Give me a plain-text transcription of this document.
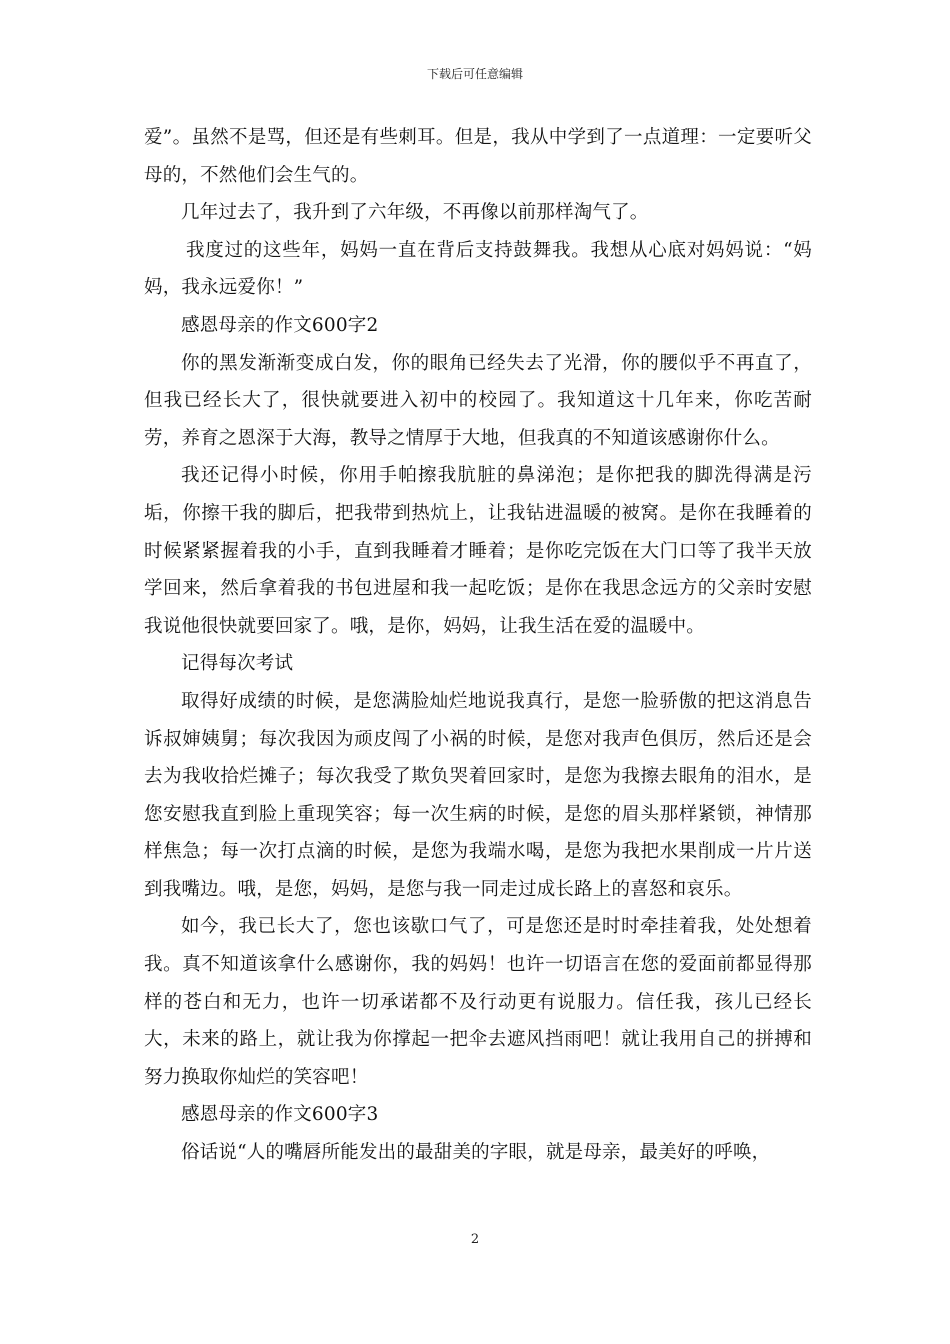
下载后可任意编辑

爱”。虽然不是骂，但还是有些刺耳。但是，我从中学到了一点道理：一定要听父母的，不然他们会生气的。

几年过去了，我升到了六年级，不再像以前那样淘气了。

我度过的这些年，妈妈一直在背后支持鼓舞我。我想从心底对妈妈说：“妈妈，我永远爱你！”

感恩母亲的作文600字2

你的黑发渐渐变成白发，你的眼角已经失去了光滑，你的腰似乎不再直了，但我已经长大了，很快就要进入初中的校园了。我知道这十几年来，你吃苦耐劳，养育之恩深于大海，教导之情厚于大地，但我真的不知道该感谢你什么。

我还记得小时候，你用手帕擦我肮脏的鼻涕泡；是你把我的脚洗得满是污垢，你擦干我的脚后，把我带到热炕上，让我钻进温暖的被窝。是你在我睡着的时候紧紧握着我的小手，直到我睡着才睡着；是你吃完饭在大门口等了我半天放学回来，然后拿着我的书包进屋和我一起吃饭；是你在我思念远方的父亲时安慰我说他很快就要回家了。哦，是你，妈妈，让我生活在爱的温暖中。

记得每次考试

取得好成绩的时候，是您满脸灿烂地说我真行，是您一脸骄傲的把这消息告诉叔婶姨舅；每次我因为顽皮闯了小祸的时候，是您对我声色俱厉，然后还是会去为我收拾烂摊子；每次我受了欺负哭着回家时，是您为我擦去眼角的泪水，是您安慰我直到脸上重现笑容；每一次生病的时候，是您的眉头那样紧锁，神情那样焦急；每一次打点滴的时候，是您为我端水喝，是您为我把水果削成一片片送到我嘴边。哦，是您，妈妈，是您与我一同走过成长路上的喜怒和哀乐。

如今，我已长大了，您也该歇口气了，可是您还是时时牵挂着我，处处想着我。真不知道该拿什么感谢你，我的妈妈！也许一切语言在您的爱面前都显得那样的苍白和无力，也许一切承诺都不及行动更有说服力。信任我，孩儿已经长大，未来的路上，就让我为你撑起一把伞去遮风挡雨吧！就让我用自己的拼搏和努力换取你灿烂的笑容吧！

感恩母亲的作文600字3

俗话说“人的嘴唇所能发出的最甜美的字眼，就是母亲，最美好的呼唤，

2
